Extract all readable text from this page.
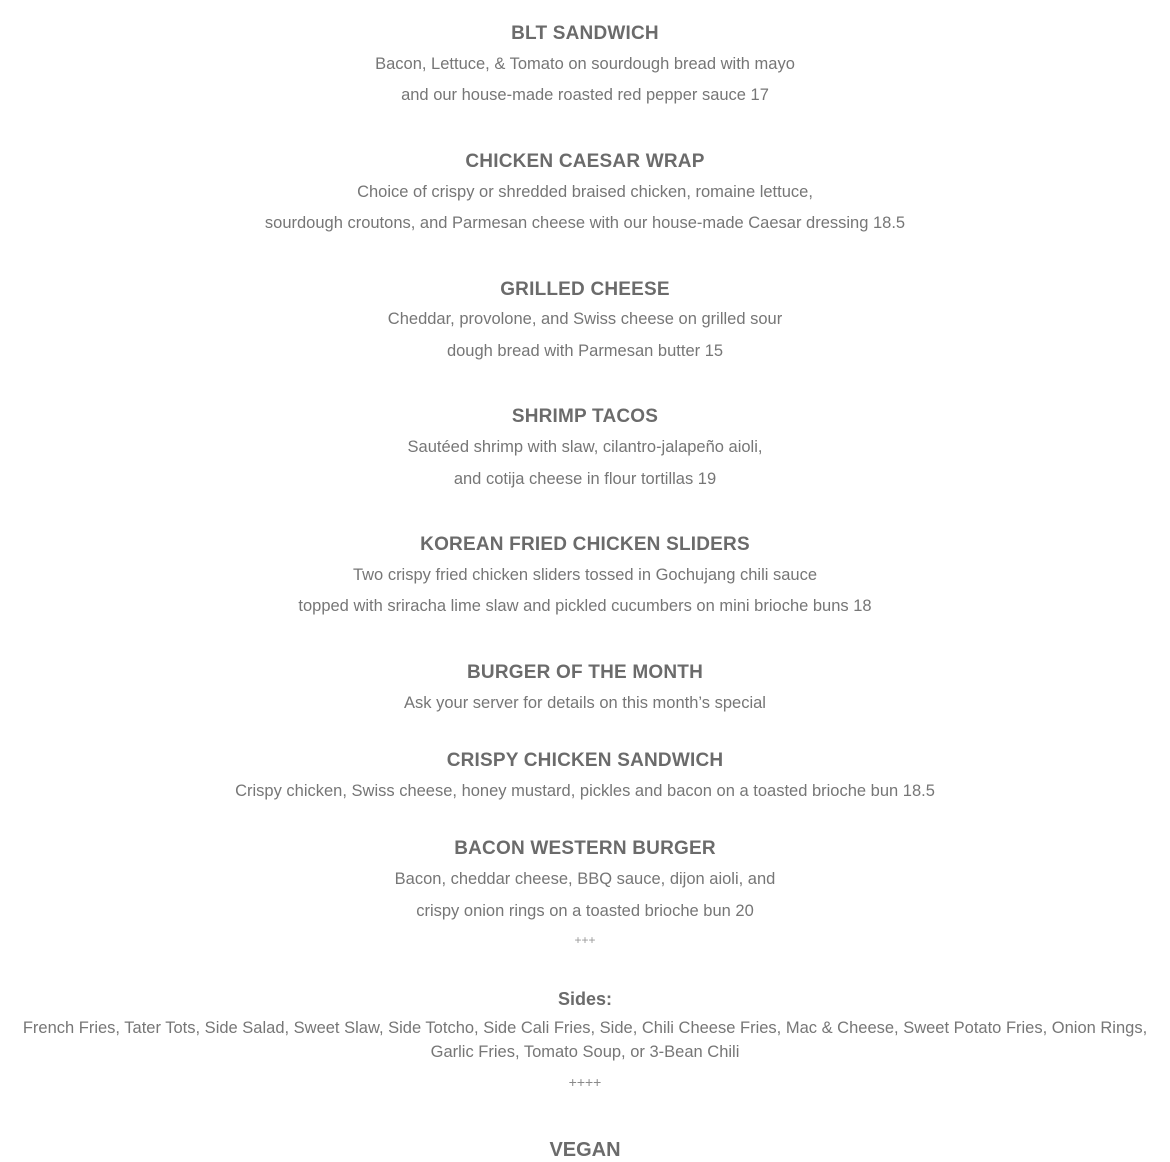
BLT SANDWICH
Bacon, Lettuce, & Tomato on sourdough bread with mayo
and our house-made roasted red pepper sauce 17
CHICKEN CAESAR WRAP
Choice of crispy or shredded braised chicken, romaine lettuce,
sourdough croutons, and Parmesan cheese with our house-made Caesar dressing 18.5
GRILLED CHEESE
Cheddar, provolone, and Swiss cheese on grilled sour
dough bread with Parmesan butter 15
SHRIMP TACOS
Sautéed shrimp with slaw, cilantro-jalapeño aioli,
and cotija cheese in flour tortillas 19
KOREAN FRIED CHICKEN SLIDERS
Two crispy fried chicken sliders tossed in Gochujang chili sauce
topped with sriracha lime slaw and pickled cucumbers on mini brioche buns 18
BURGER OF THE MONTH
Ask your server for details on this month’s special
CRISPY CHICKEN SANDWICH
Crispy chicken, Swiss cheese, honey mustard, pickles and bacon on a toasted brioche bun 18.5
BACON WESTERN BURGER
Bacon, cheddar cheese, BBQ sauce, dijon aioli, and
crispy onion rings on a toasted brioche bun 20
+++
Sides:
French Fries, Tater Tots, Side Salad, Sweet Slaw, Side Totcho, Side Cali Fries, Side, Chili Cheese Fries, Mac & Cheese, Sweet Potato Fries, Onion Rings, Garlic Fries, Tomato Soup, or 3-Bean Chili
++++
VEGAN
